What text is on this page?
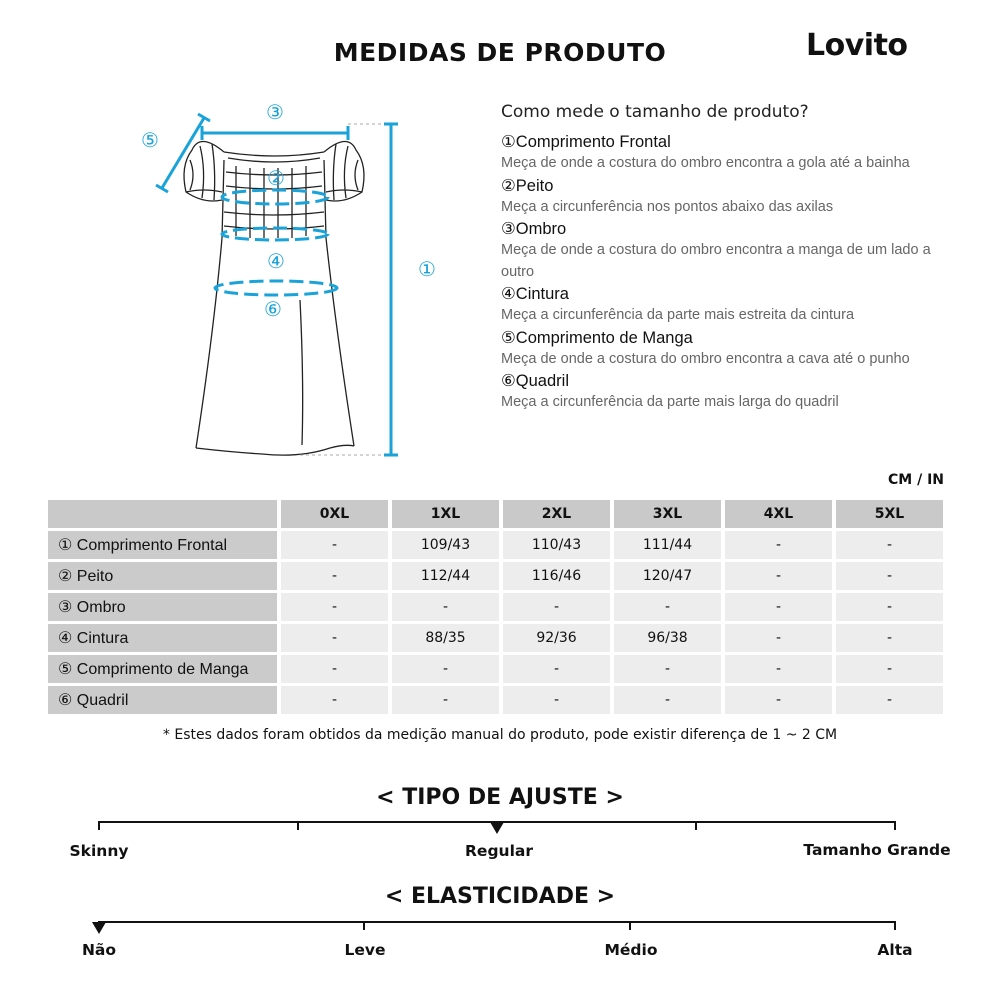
MEDIDAS DE PRODUTO	Lovito
③
⑤
②
④	①
⑥
Como mede o tamanho de produto?
①Comprimento Frontal
Meça de onde a costura do ombro encontra a gola até a bainha
②Peito
Meça a circunferência nos pontos abaixo das axilas
③Ombro
Meça de onde a costura do ombro encontra a manga de um lado a outro
④Cintura
Meça a circunferência da parte mais estreita da cintura
⑤Comprimento de Manga
Meça de onde a costura do ombro encontra a cava até o punho
⑥Quadril
Meça a circunferência da parte mais larga do quadril
CM / IN
	0XL	1XL	2XL	3XL	4XL	5XL
① Comprimento Frontal	-	109/43	110/43	111/44	-	-
② Peito	-	112/44	116/46	120/47	-	-
③ Ombro	-	-	-	-	-	-
④ Cintura	-	88/35	92/36	96/38	-	-
⑤ Comprimento de Manga	-	-	-	-	-	-
⑥ Quadril	-	-	-	-	-	-
* Estes dados foram obtidos da medição manual do produto, pode existir diferença de 1 ~ 2 CM
< TIPO DE AJUSTE >
Skinny	Regular	Tamanho Grande
< ELASTICIDADE >
Não	Leve	Médio	Alta
